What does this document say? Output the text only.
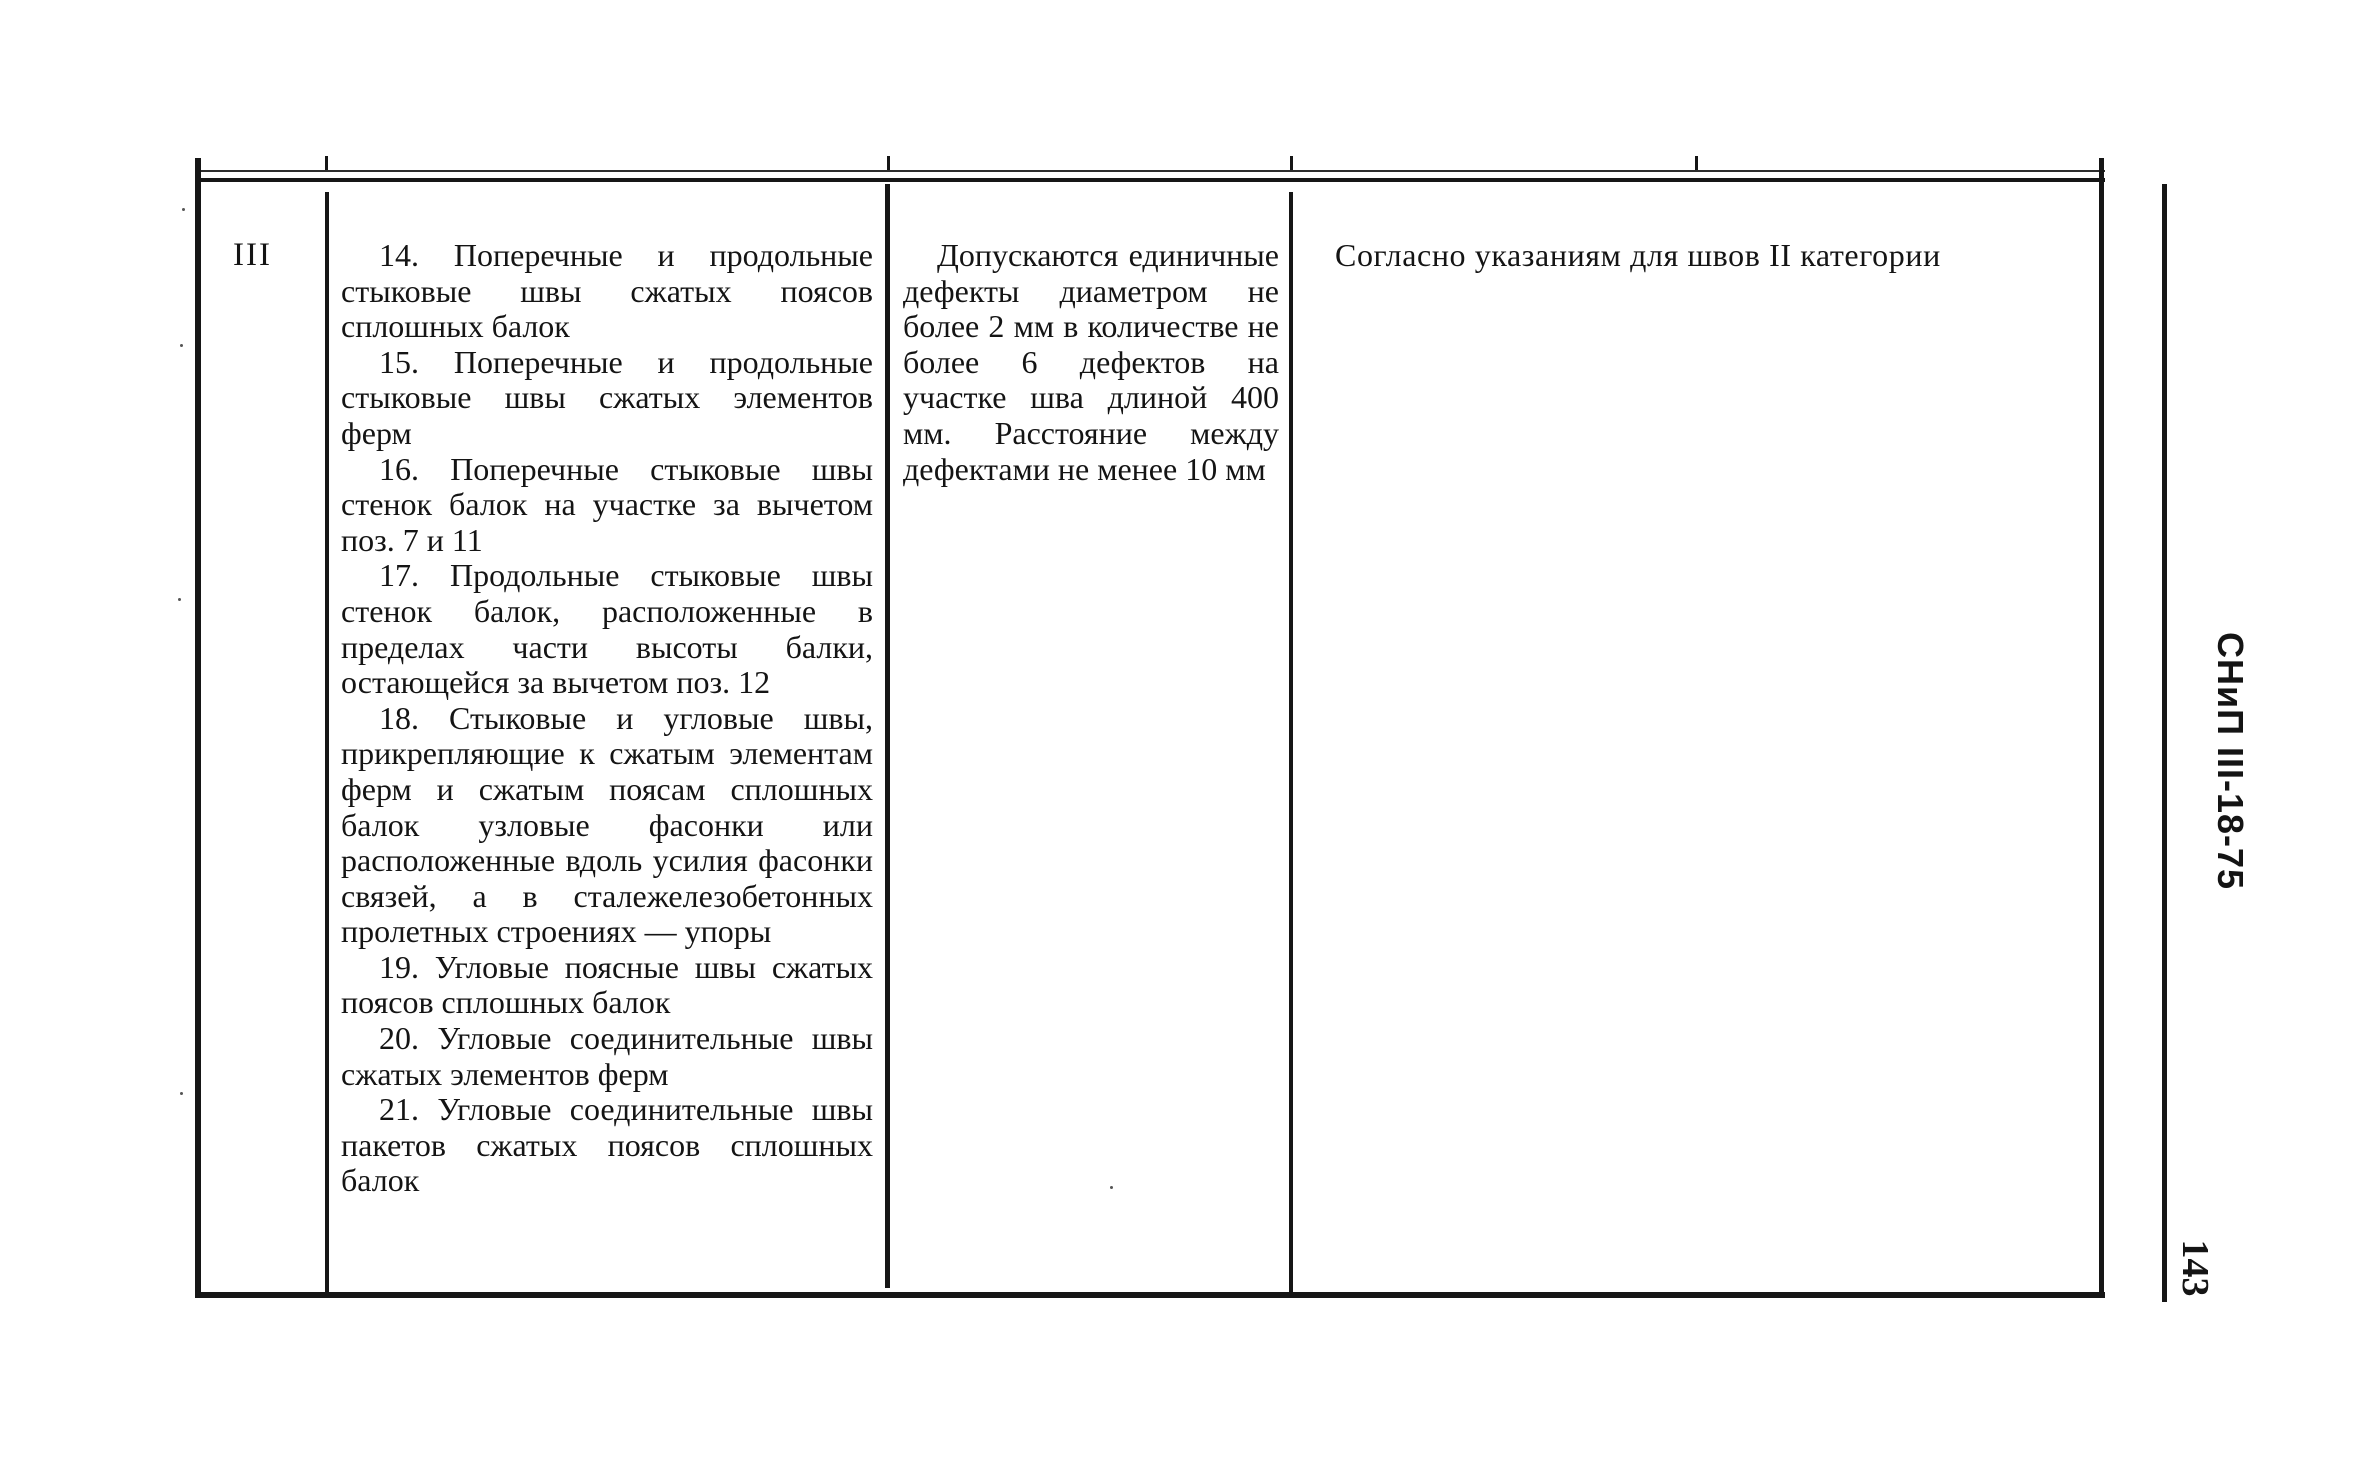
III	14. Поперечные и продольные стыковые швы сжатых поясов сплошных балок

15. Поперечные и продольные стыковые швы сжатых элементов ферм

16. Поперечные стыковые швы стенок балок на участке за вычетом поз. 7 и 11

17. Продольные стыковые швы стенок балок, расположенные в пределах части высоты балки, остающейся за вычетом поз. 12

18. Стыковые и угловые швы, прикрепляющие к сжатым элементам ферм и сжатым поясам сплошных балок узловые фасонки или расположенные вдоль усилия фасонки связей, а в сталежелезобетонных пролетных строениях — упоры

19. Угловые поясные швы сжатых поясов сплошных балок

20. Угловые соединительные швы сжатых элементов ферм

21. Угловые соединительные швы пакетов сжатых поясов сплошных балок

Допускаются единичные дефекты диаметром не более 2 мм в количестве не более 6 дефектов на участке шва длиной 400 мм. Расстояние между дефектами не менее 10 мм
Согласно указаниям для швов II категории
СНиП III-18-75
143
